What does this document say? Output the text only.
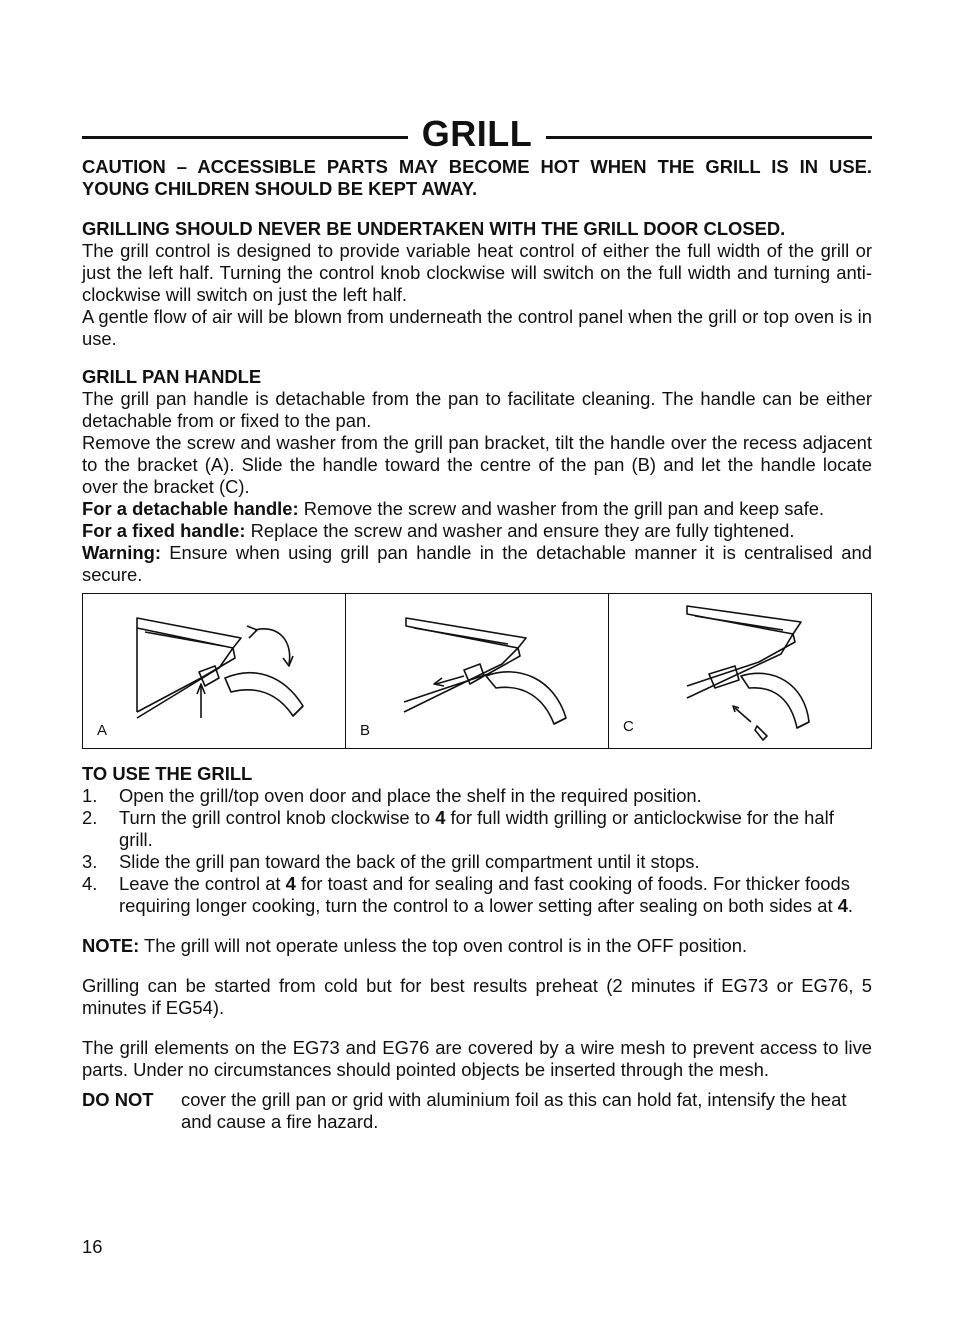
GRILL

CAUTION – ACCESSIBLE PARTS MAY BECOME HOT WHEN THE GRILL IS IN USE. YOUNG CHILDREN SHOULD BE KEPT AWAY.

GRILLING SHOULD NEVER BE UNDERTAKEN WITH THE GRILL DOOR CLOSED.

The grill control is designed to provide variable heat control of either the full width of the grill or just the left half. Turning the control knob clockwise will switch on the full width and turning anti-clockwise will switch on just the left half.

A gentle flow of air will be blown from underneath the control panel when the grill or top oven is in use.

GRILL PAN HANDLE

The grill pan handle is detachable from the pan to facilitate cleaning. The handle can be either detachable from or fixed to the pan.

Remove the screw and washer from the grill pan bracket, tilt the handle over the recess adjacent to the bracket (A). Slide the handle toward the centre of the pan (B) and let the handle locate over the bracket (C).

For a detachable handle: Remove the screw and washer from the grill pan and keep safe.

For a fixed handle: Replace the screw and washer and ensure they are fully tightened.

Warning: Ensure when using grill pan handle in the detachable manner it is centralised and secure.

A	B	C

TO USE THE GRILL

1. Open the grill/top oven door and place the shelf in the required position.
2. Turn the grill control knob clockwise to 4 for full width grilling or anticlockwise for the half grill.
3. Slide the grill pan toward the back of the grill compartment until it stops.
4. Leave the control at 4 for toast and for sealing and fast cooking of foods. For thicker foods requiring longer cooking, turn the control to a lower setting after sealing on both sides at 4.

NOTE: The grill will not operate unless the top oven control is in the OFF position.

Grilling can be started from cold but for best results preheat (2 minutes if EG73 or EG76, 5 minutes if EG54).

The grill elements on the EG73 and EG76 are covered by a wire mesh to prevent access to live parts. Under no circumstances should pointed objects be inserted through the mesh.

DO NOT	cover the grill pan or grid with aluminium foil as this can hold fat, intensify the heat and cause a fire hazard.
16
